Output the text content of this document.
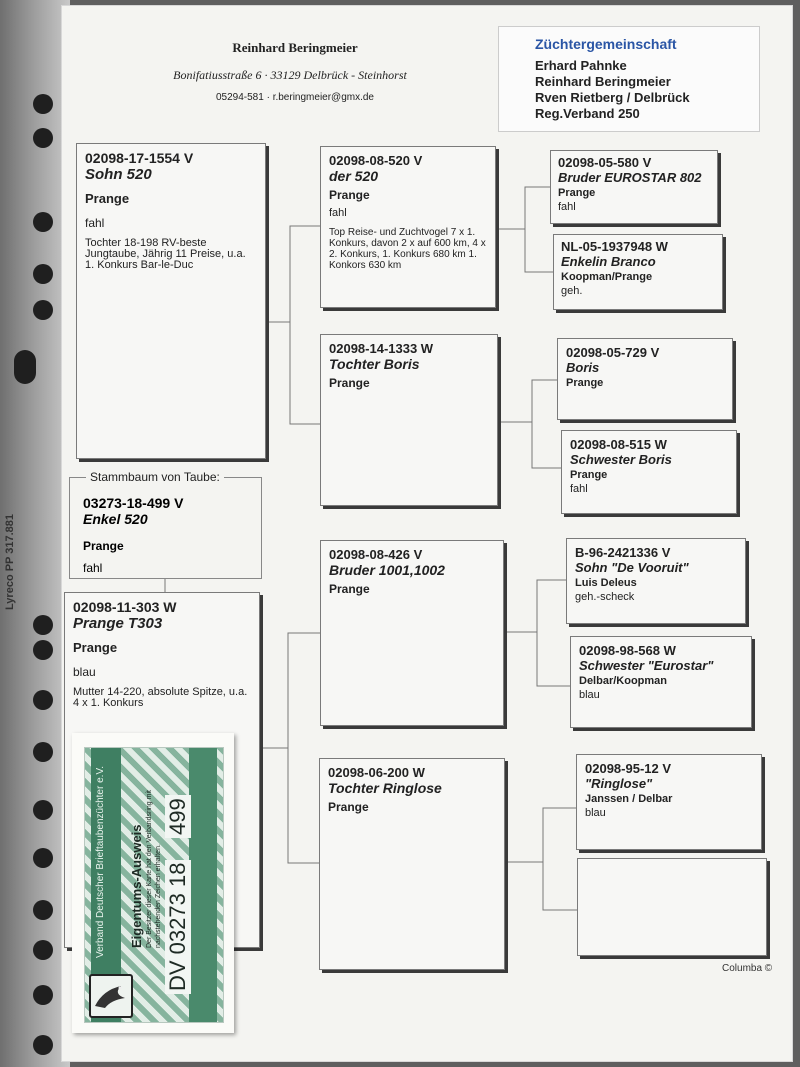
Lyreco PP 317.881
Reinhard Beringmeier
Bonifatiusstraße 6 · 33129 Delbrück - Steinhorst
05294-581 · r.beringmeier@gmx.de
Züchtergemeinschaft
Erhard Pahnke
Reinhard Beringmeier
Rven Rietberg / Delbrück
Reg.Verband 250
02098-17-1554 V
Sohn 520
Prange
fahl
Tochter 18-198 RV-beste Jungtaube, Jährig 11 Preise, u.a. 1. Konkurs Bar-le-Duc
Stammbaum von Taube:
03273-18-499 V
Enkel 520
Prange
fahl
02098-11-303 W
Prange T303
Prange
blau
Mutter 14-220, absolute Spitze, u.a. 4 x 1. Konkurs
Verband Deutscher Brieftaubenzüchter e.V. Eigentums-Ausweis Der Besitzer dieser Karte hat den Verbandsring mit nachstehenden Zeichen erhalten. DV 03273 18
499
02098-08-520 V
der 520
Prange
fahl
Top Reise- und Zuchtvogel 7 x 1. Konkurs, davon 2 x auf 600 km, 4 x 2. Konkurs, 1. Konkurs 680 km 1. Konkors 630 km
02098-14-1333 W
Tochter Boris
Prange
02098-08-426 V
Bruder 1001,1002
Prange
02098-06-200 W
Tochter Ringlose
Prange
02098-05-580 V
Bruder EUROSTAR 802
Prange
fahl
NL-05-1937948 W
Enkelin Branco
Koopman/Prange
geh.
02098-05-729 V
Boris
Prange
02098-08-515 W
Schwester Boris
Prange
fahl
B-96-2421336 V
Sohn "De Vooruit"
Luis Deleus
geh.-scheck
02098-98-568 W
Schwester "Eurostar"
Delbar/Koopman
blau
02098-95-12 V
"Ringlose"
Janssen / Delbar
blau
Columba ©
